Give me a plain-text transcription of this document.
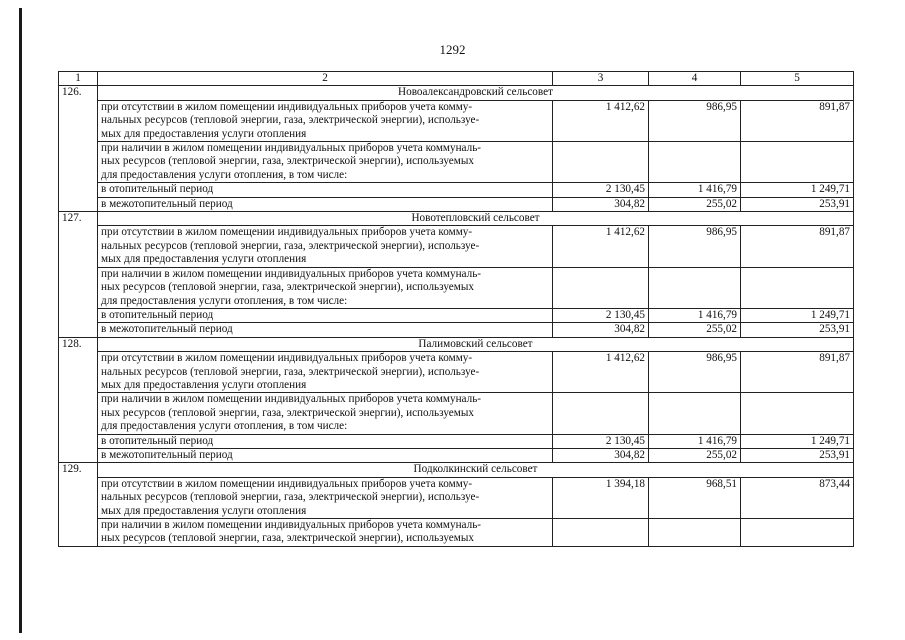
1292
1	2	3	4	5
126.	Новоалександровский сельсовет			

	при отсутствии в жилом помещении индивидуальных приборов учета комму-
нальных ресурсов (тепловой энергии, газа, электрической энергии), используе-
мых для предоставления услуги отопления	1 412,62	986,95	891,87

	при наличии в жилом помещении индивидуальных приборов учета коммуналь-
ных ресурсов (тепловой энергии, газа, электрической энергии), используемых
для предоставления услуги отопления, в том числе:			

	в отопительный период	2 130,45	1 416,79	1 249,71
	в межотопительный период	304,82	255,02	253,91
127.	Новотепловский сельсовет			

	при отсутствии в жилом помещении индивидуальных приборов учета комму-
нальных ресурсов (тепловой энергии, газа, электрической энергии), используе-
мых для предоставления услуги отопления	1 412,62	986,95	891,87

	при наличии в жилом помещении индивидуальных приборов учета коммуналь-
ных ресурсов (тепловой энергии, газа, электрической энергии), используемых
для предоставления услуги отопления, в том числе:			

	в отопительный период	2 130,45	1 416,79	1 249,71
	в межотопительный период	304,82	255,02	253,91
128.	Палимовский сельсовет			

	при отсутствии в жилом помещении индивидуальных приборов учета комму-
нальных ресурсов (тепловой энергии, газа, электрической энергии), используе-
мых для предоставления услуги отопления	1 412,62	986,95	891,87

	при наличии в жилом помещении индивидуальных приборов учета коммуналь-
ных ресурсов (тепловой энергии, газа, электрической энергии), используемых
для предоставления услуги отопления, в том числе:			

	в отопительный период	2 130,45	1 416,79	1 249,71
	в межотопительный период	304,82	255,02	253,91
129.	Подколкинский сельсовет			

	при отсутствии в жилом помещении индивидуальных приборов учета комму-
нальных ресурсов (тепловой энергии, газа, электрической энергии), используе-
мых для предоставления услуги отопления	1 394,18	968,51	873,44

	при наличии в жилом помещении индивидуальных приборов учета коммуналь-
ных ресурсов (тепловой энергии, газа, электрической энергии), используемых			
